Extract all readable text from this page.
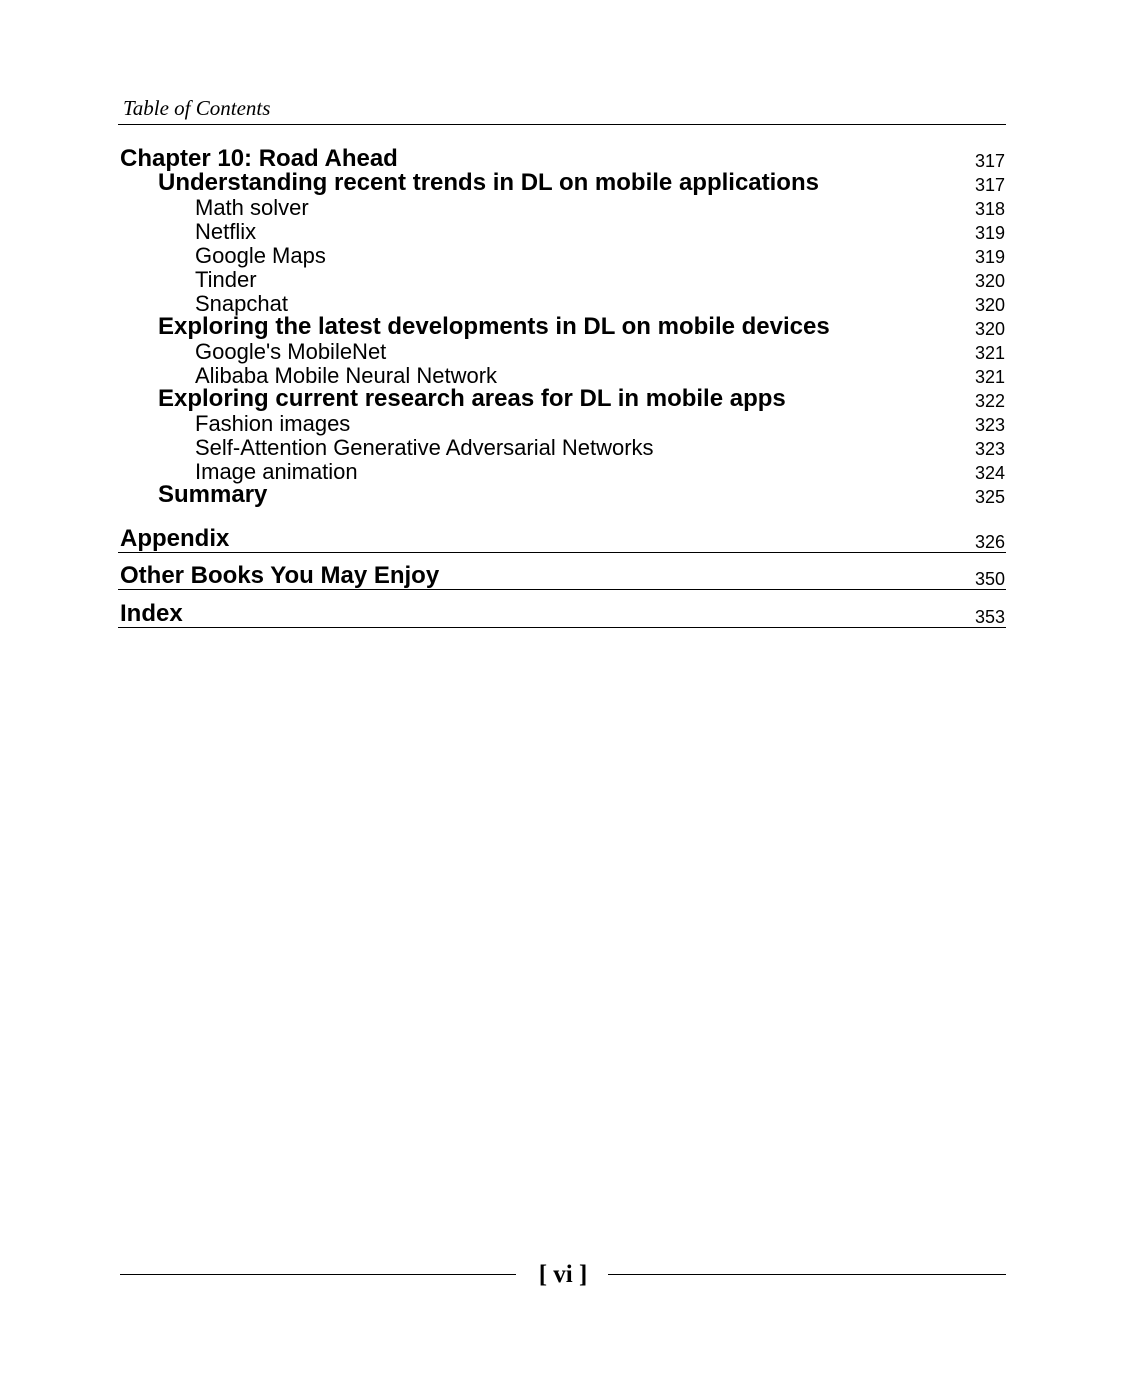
Table of Contents
Chapter 10: Road Ahead	317
Understanding recent trends in DL on mobile applications	317
Math solver	318
Netflix	319
Google Maps	319
Tinder	320
Snapchat	320
Exploring the latest developments in DL on mobile devices	320
Google's MobileNet	321
Alibaba Mobile Neural Network	321
Exploring current research areas for DL in mobile apps	322
Fashion images	323
Self-Attention Generative Adversarial Networks	323
Image animation	324
Summary	325
Appendix	326
Other Books You May Enjoy	350
Index	353
[ vi ]
